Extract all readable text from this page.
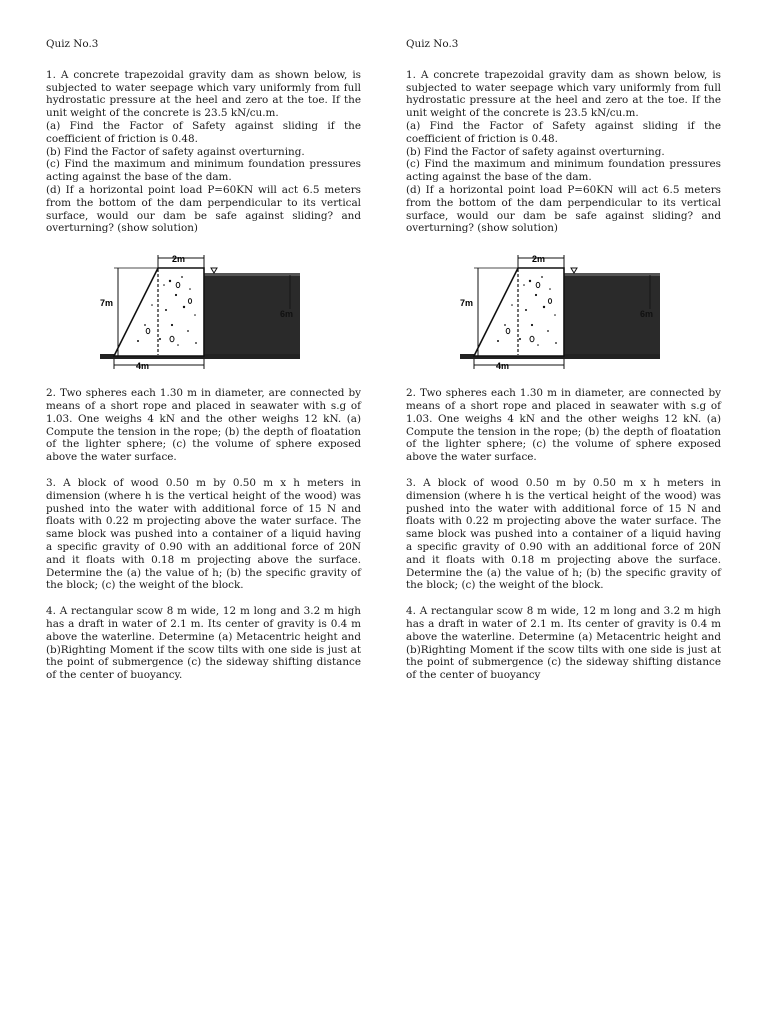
Quiz No.3

1. A concrete trapezoidal gravity dam as shown below, is subjected to water seepage which vary uniformly from full hydrostatic pressure at the heel and zero at the toe. If the unit weight of the concrete is 23.5 kN/cu.m.

(a) Find the Factor of Safety against sliding if the coefficient of friction is 0.48.

(b) Find the Factor of safety against overturning.

(c) Find the maximum and minimum foundation pressures acting against the base of the dam.

(d) If a horizontal point load P=60KN will act 6.5 meters from the bottom of the dam perpendicular to its vertical surface, would our dam be safe against sliding? and overturning? (show solution)

2m
7m
6m
4m

2. Two spheres each 1.30 m in diameter, are connected by means of a short rope and placed in seawater with s.g of 1.03. One weighs 4 kN and the other weighs 12 kN. (a) Compute the tension in the rope; (b) the depth of floatation of the lighter sphere; (c) the volume of sphere exposed above the water surface.

3. A block of wood 0.50 m by 0.50 m x h meters in dimension (where h is the vertical height of the wood) was pushed into the water with additional force of 15 N and floats with 0.22 m projecting above the water surface. The same block was pushed into a container of a liquid having a specific gravity of 0.90 with an additional force of 20N and it floats with 0.18 m projecting above the surface. Determine the (a) the value of h; (b) the specific gravity of the block; (c) the weight of the block.

4. A rectangular scow 8 m wide, 12 m long and 3.2 m high has a draft in water of 2.1 m. Its center of gravity is 0.4 m above the waterline. Determine (a) Metacentric height and (b)Righting Moment if the scow tilts with one side is just at the point of submergence (c) the sideway shifting distance of the center of buoyancy.

Quiz No.3

1. A concrete trapezoidal gravity dam as shown below, is subjected to water seepage which vary uniformly from full hydrostatic pressure at the heel and zero at the toe. If the unit weight of the concrete is 23.5 kN/cu.m.

(a) Find the Factor of Safety against sliding if the coefficient of friction is 0.48.

(b) Find the Factor of safety against overturning.

(c) Find the maximum and minimum foundation pressures acting against the base of the dam.

(d) If a horizontal point load P=60KN will act 6.5 meters from the bottom of the dam perpendicular to its vertical surface, would our dam be safe against sliding? and overturning? (show solution)

2m
7m
6m
4m

2. Two spheres each 1.30 m in diameter, are connected by means of a short rope and placed in seawater with s.g of 1.03. One weighs 4 kN and the other weighs 12 kN. (a) Compute the tension in the rope; (b) the depth of floatation of the lighter sphere; (c) the volume of sphere exposed above the water surface.

3. A block of wood 0.50 m by 0.50 m x h meters in dimension (where h is the vertical height of the wood) was pushed into the water with additional force of 15 N and floats with 0.22 m projecting above the water surface. The same block was pushed into a container of a liquid having a specific gravity of 0.90 with an additional force of 20N and it floats with 0.18 m projecting above the surface. Determine the (a) the value of h; (b) the specific gravity of the block; (c) the weight of the block.

4. A rectangular scow 8 m wide, 12 m long and 3.2 m high has a draft in water of 2.1 m. Its center of gravity is 0.4 m above the waterline. Determine (a) Metacentric height and (b)Righting Moment if the scow tilts with one side is just at the point of submergence (c) the sideway shifting distance of the center of buoyancy
